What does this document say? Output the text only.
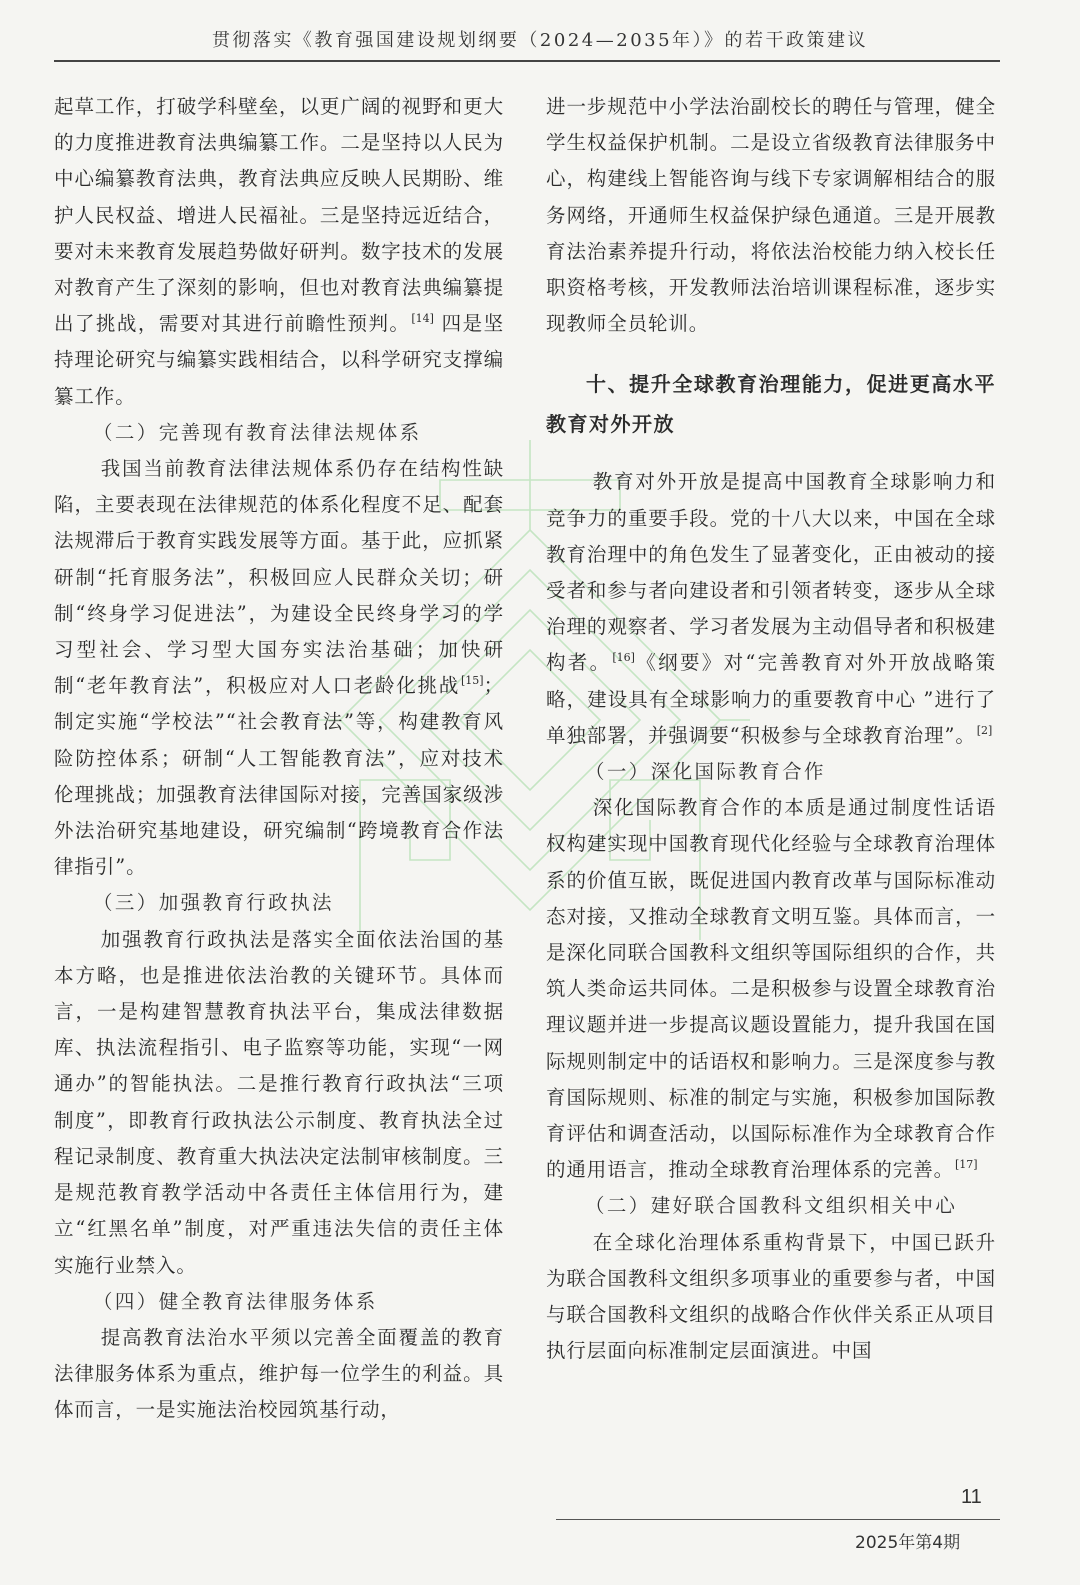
贯彻落实《教育强国建设规划纲要（2024—2035年）》的若干政策建议

起草工作，打破学科壁垒，以更广阔的视野和更大的力度推进教育法典编纂工作。二是坚持以人民为中心编纂教育法典，教育法典应反映人民期盼、维护人民权益、增进人民福祉。三是坚持远近结合，要对未来教育发展趋势做好研判。数字技术的发展对教育产生了深刻的影响，但也对教育法典编纂提出了挑战，需要对其进行前瞻性预判。[14] 四是坚持理论研究与编纂实践相结合，以科学研究支撑编纂工作。

（二）完善现有教育法律法规体系

我国当前教育法律法规体系仍存在结构性缺陷，主要表现在法律规范的体系化程度不足、配套法规滞后于教育实践发展等方面。基于此，应抓紧研制“托育服务法”，积极回应人民群众关切；研制“终身学习促进法”，为建设全民终身学习的学习型社会、学习型大国夯实法治基础；加快研制“老年教育法”，积极应对人口老龄化挑战[15]；制定实施“学校法”“社会教育法”等，构建教育风险防控体系；研制“人工智能教育法”，应对技术伦理挑战；加强教育法律国际对接，完善国家级涉外法治研究基地建设，研究编制“跨境教育合作法律指引”。

（三）加强教育行政执法

加强教育行政执法是落实全面依法治国的基本方略，也是推进依法治教的关键环节。具体而言，一是构建智慧教育执法平台，集成法律数据库、执法流程指引、电子监察等功能，实现“一网通办”的智能执法。二是推行教育行政执法“三项制度”，即教育行政执法公示制度、教育执法全过程记录制度、教育重大执法决定法制审核制度。三是规范教育教学活动中各责任主体信用行为，建立“红黑名单”制度，对严重违法失信的责任主体实施行业禁入。

（四）健全教育法律服务体系

提高教育法治水平须以完善全面覆盖的教育法律服务体系为重点，维护每一位学生的利益。具体而言，一是实施法治校园筑基行动，

进一步规范中小学法治副校长的聘任与管理，健全学生权益保护机制。二是设立省级教育法律服务中心，构建线上智能咨询与线下专家调解相结合的服务网络，开通师生权益保护绿色通道。三是开展教育法治素养提升行动，将依法治校能力纳入校长任职资格考核，开发教师法治培训课程标准，逐步实现教师全员轮训。

十、提升全球教育治理能力，促进更高水平教育对外开放

教育对外开放是提高中国教育全球影响力和竞争力的重要手段。党的十八大以来，中国在全球教育治理中的角色发生了显著变化，正由被动的接受者和参与者向建设者和引领者转变，逐步从全球治理的观察者、学习者发展为主动倡导者和积极建构者。[16]《纲要》对“完善教育对外开放战略策略，建设具有全球影响力的重要教育中心 ”进行了单独部署，并强调要“积极参与全球教育治理”。[2]

（一）深化国际教育合作

深化国际教育合作的本质是通过制度性话语权构建实现中国教育现代化经验与全球教育治理体系的价值互嵌，既促进国内教育改革与国际标准动态对接，又推动全球教育文明互鉴。具体而言，一是深化同联合国教科文组织等国际组织的合作，共筑人类命运共同体。二是积极参与设置全球教育治理议题并进一步提高议题设置能力，提升我国在国际规则制定中的话语权和影响力。三是深度参与教育国际规则、标准的制定与实施，积极参加国际教育评估和调查活动，以国际标准作为全球教育合作的通用语言，推动全球教育治理体系的完善。[17]

（二）建好联合国教科文组织相关中心

在全球化治理体系重构背景下，中国已跃升为联合国教科文组织多项事业的重要参与者，中国与联合国教科文组织的战略合作伙伴关系正从项目执行层面向标准制定层面演进。中国

11
2025年第4期
